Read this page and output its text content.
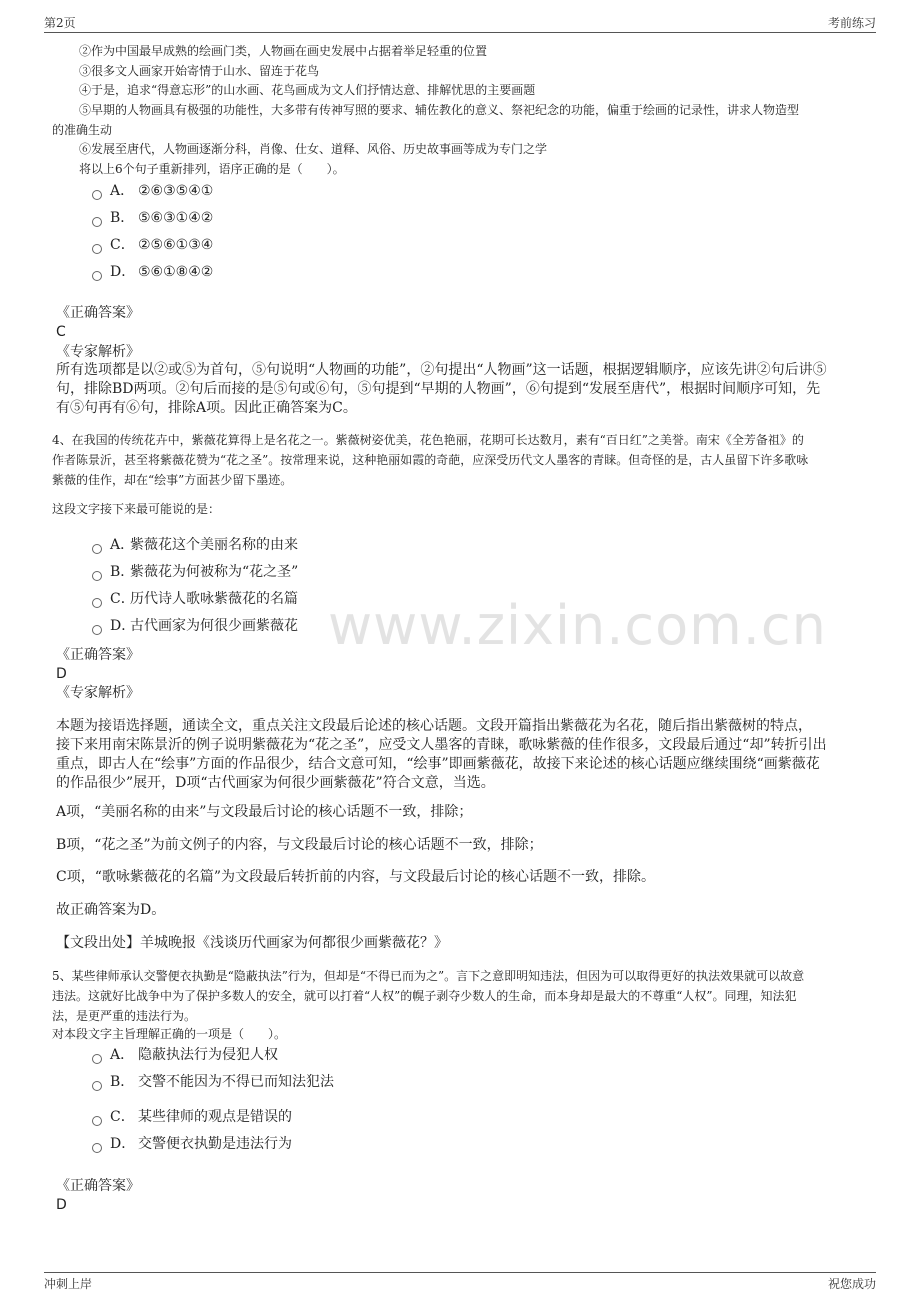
第2页	考前练习
www.zixin.com.cn
②作为中国最早成熟的绘画门类，人物画在画史发展中占据着举足轻重的位置
③很多文人画家开始寄情于山水、留连于花鸟
④于是，追求“得意忘形”的山水画、花鸟画成为文人们抒情达意、排解忧思的主要画题
⑤早期的人物画具有极强的功能性，大多带有传神写照的要求、辅佐教化的意义、祭祀纪念的功能，偏重于绘画的记录性，讲求人物造型
的准确生动
⑥发展至唐代，人物画逐渐分科，肖像、仕女、道释、风俗、历史故事画等成为专门之学
将以上6个句子重新排列，语序正确的是（　　）。
A． ②⑥③⑤④①
B． ⑤⑥③①④②
C． ②⑤⑥①③④
D． ⑤⑥①⑧④②
《正确答案》
C
《专家解析》
所有选项都是以②或⑤为首句，⑤句说明“人物画的功能”，②句提出“人物画”这一话题，根据逻辑顺序，应该先讲②句后讲⑤
句，排除BD两项。②句后而接的是⑤句或⑥句，⑤句提到“早期的人物画”，⑥句提到“发展至唐代”，根据时间顺序可知，先
有⑤句再有⑥句，排除A项。因此正确答案为C。
4、在我国的传统花卉中，紫薇花算得上是名花之一。紫薇树姿优美，花色艳丽，花期可长达数月，素有“百日红”之美誉。南宋《全芳备祖》的
作者陈景沂，甚至将紫薇花赞为“花之圣”。按常理来说，这种艳丽如霞的奇葩，应深受历代文人墨客的青睐。但奇怪的是，古人虽留下许多歌咏
紫薇的佳作，却在“绘事”方面甚少留下墨迹。
这段文字接下来最可能说的是：
A．
紫薇花这个美丽名称的由来
B．
紫薇花为何被称为“花之圣”
C．
历代诗人歌咏紫薇花的名篇
D．
古代画家为何很少画紫薇花
《正确答案》
D
《专家解析》
本题为接语选择题，通读全文，重点关注文段最后论述的核心话题。文段开篇指出紫薇花为名花，随后指出紫薇树的特点，
接下来用南宋陈景沂的例子说明紫薇花为“花之圣”，应受文人墨客的青睐，歌咏紫薇的佳作很多，文段最后通过“却”转折引出
重点，即古人在“绘事”方面的作品很少，结合文意可知，“绘事”即画紫薇花，故接下来论述的核心话题应继续围绕“画紫薇花
的作品很少”展开，D项“古代画家为何很少画紫薇花”符合文意，当选。
A项，“美丽名称的由来”与文段最后讨论的核心话题不一致，排除；
B项，“花之圣”为前文例子的内容，与文段最后讨论的核心话题不一致，排除；
C项，“歌咏紫薇花的名篇”为文段最后转折前的内容，与文段最后讨论的核心话题不一致，排除。
故正确答案为D。
【文段出处】羊城晚报《浅谈历代画家为何都很少画紫薇花？》
5、某些律师承认交警便衣执勤是“隐蔽执法”行为，但却是“不得已而为之”。言下之意即明知违法，但因为可以取得更好的执法效果就可以故意
违法。这就好比战争中为了保护多数人的安全，就可以打着“人权”的幌子剥夺少数人的生命，而本身却是最大的不尊重“人权”。同理，知法犯
法，是更严重的违法行为。
对本段文字主旨理解正确的一项是（　　）。
A． 隐蔽执法行为侵犯人权
B． 交警不能因为不得已而知法犯法
C． 某些律师的观点是错误的
D． 交警便衣执勤是违法行为
《正确答案》
D
冲刺上岸	祝您成功
